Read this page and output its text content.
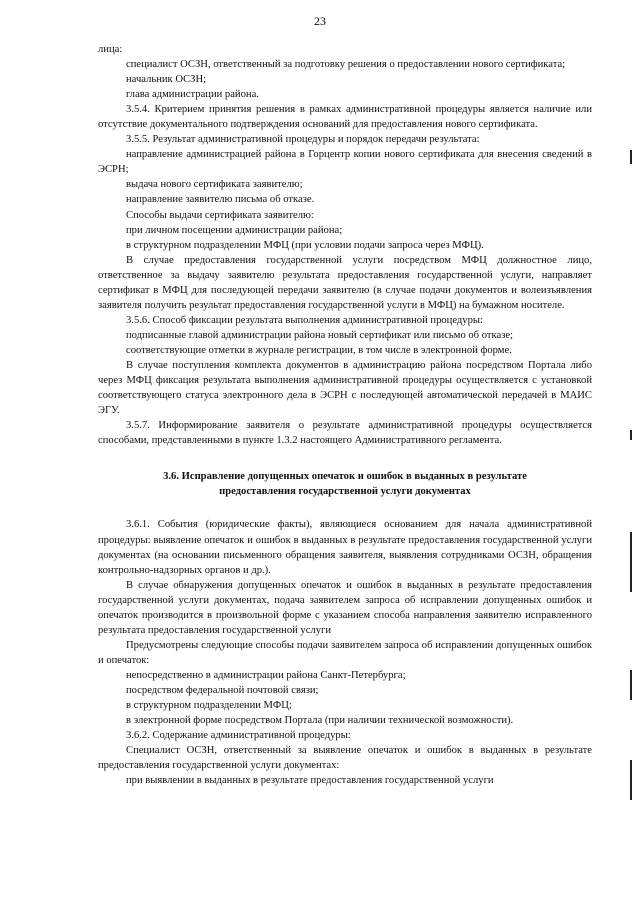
23

лица:

специалист ОСЗН, ответственный за подготовку решения о предоставлении нового сертификата;

начальник ОСЗН;

глава администрации района.

3.5.4. Критерием принятия решения в рамках административной процедуры является наличие или отсутствие документального подтверждения оснований для предоставления нового сертификата.

3.5.5. Результат административной процедуры и порядок передачи результата:

направление администрацией района в Горцентр копии нового сертификата для внесения сведений в ЭСРН;

выдача нового сертификата заявителю;

направление заявителю письма об отказе.

Способы выдачи сертификата заявителю:

при личном посещении администрации района;

в структурном подразделении МФЦ (при условии подачи запроса через МФЦ).

В случае предоставления государственной услуги посредством МФЦ должностное лицо, ответственное за выдачу заявителю результата предоставления государственной услуги, направляет сертификат в МФЦ для последующей передачи заявителю (в случае подачи документов и волеизъявления заявителя получить результат предоставления государственной услуги в МФЦ) на бумажном носителе.

3.5.6. Способ фиксации результата выполнения административной процедуры:

подписанные главой администрации района новый сертификат или письмо об отказе;

соответствующие отметки в журнале регистрации, в том числе в электронной форме.

В случае поступления комплекта документов в администрацию района посредством Портала либо через МФЦ фиксация результата выполнения административной процедуры осуществляется с установкой соответствующего статуса электронного дела в ЭСРН с последующей автоматической передачей в МАИС ЭГУ.

3.5.7. Информирование заявителя о результате административной процедуры осуществляется способами, представленными в пункте 1.3.2 настоящего Административного регламента.

3.6. Исправление допущенных опечаток и ошибок в выданных в результате
предоставления государственной услуги документах

3.6.1. События (юридические факты), являющиеся основанием для начала административной процедуры: выявление опечаток и ошибок в выданных в результате предоставления государственной услуги документах (на основании письменного обращения заявителя, выявления сотрудниками ОСЗН, обращения контрольно-надзорных органов и др.).

В случае обнаружения допущенных опечаток и ошибок в выданных в результате предоставления государственной услуги документах, подача заявителем запроса об исправлении допущенных ошибок и опечаток производится в произвольной форме с указанием способа направления заявителю исправленного результата предоставления государственной услуги

Предусмотрены следующие способы подачи заявителем запроса об исправлении допущенных ошибок и опечаток:

непосредственно в администрации района Санкт-Петербурга;

посредством федеральной почтовой связи;

в структурном подразделении МФЦ;

в электронной форме посредством Портала (при наличии технической возможности).

3.6.2. Содержание административной процедуры:

Специалист ОСЗН, ответственный за выявление опечаток и ошибок в выданных в результате предоставления государственной услуги документах:

при выявлении в выданных в результате предоставления государственной услуги
